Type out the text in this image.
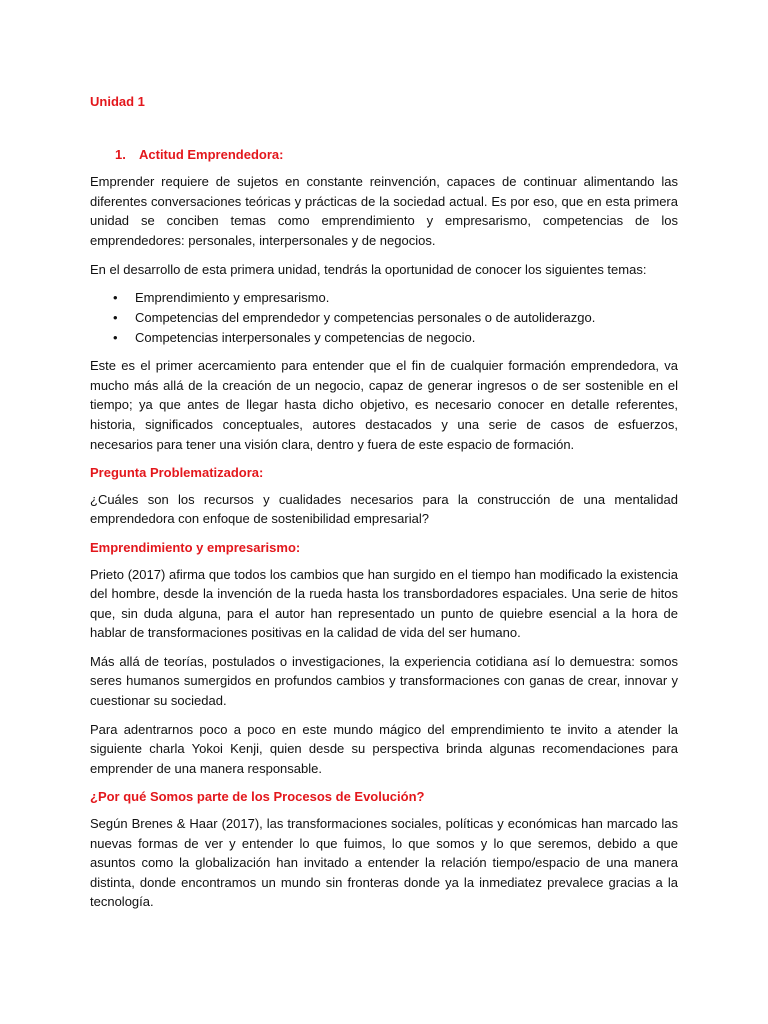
Unidad 1
1.	Actitud Emprendedora:

Emprender requiere de sujetos en constante reinvención, capaces de continuar alimentando las diferentes conversaciones teóricas y prácticas de la sociedad actual. Es por eso, que en esta primera unidad se conciben temas como emprendimiento y empresarismo, competencias de los emprendedores: personales, interpersonales y de negocios.

En el desarrollo de esta primera unidad, tendrás la oportunidad de conocer los siguientes temas:

• Emprendimiento y empresarismo.
• Competencias del emprendedor y competencias personales o de autoliderazgo.
• Competencias interpersonales y competencias de negocio.

Este es el primer acercamiento para entender que el fin de cualquier formación emprendedora, va mucho más allá de la creación de un negocio, capaz de generar ingresos o de ser sostenible en el tiempo; ya que antes de llegar hasta dicho objetivo, es necesario conocer en detalle referentes, historia, significados conceptuales, autores destacados y una serie de casos de esfuerzos, necesarios para tener una visión clara, dentro y fuera de este espacio de formación.

Pregunta Problematizadora:

¿Cuáles son los recursos y cualidades necesarios para la construcción de una mentalidad emprendedora con enfoque de sostenibilidad empresarial?

Emprendimiento y empresarismo:

Prieto (2017) afirma que todos los cambios que han surgido en el tiempo han modificado la existencia del hombre, desde la invención de la rueda hasta los transbordadores espaciales. Una serie de hitos que, sin duda alguna, para el autor han representado un punto de quiebre esencial a la hora de hablar de transformaciones positivas en la calidad de vida del ser humano.

Más allá de teorías, postulados o investigaciones, la experiencia cotidiana así lo demuestra: somos seres humanos sumergidos en profundos cambios y transformaciones con ganas de crear, innovar y cuestionar su sociedad.

Para adentrarnos poco a poco en este mundo mágico del emprendimiento te invito a atender la siguiente charla Yokoi Kenji, quien desde su perspectiva brinda algunas recomendaciones para emprender de una manera responsable.

¿Por qué Somos parte de los Procesos de Evolución?

Según Brenes & Haar (2017), las transformaciones sociales, políticas y económicas han marcado las nuevas formas de ver y entender lo que fuimos, lo que somos y lo que seremos, debido a que asuntos como la globalización han invitado a entender la relación tiempo/espacio de una manera distinta, donde encontramos un mundo sin fronteras donde ya la inmediatez prevalece gracias a la tecnología.
